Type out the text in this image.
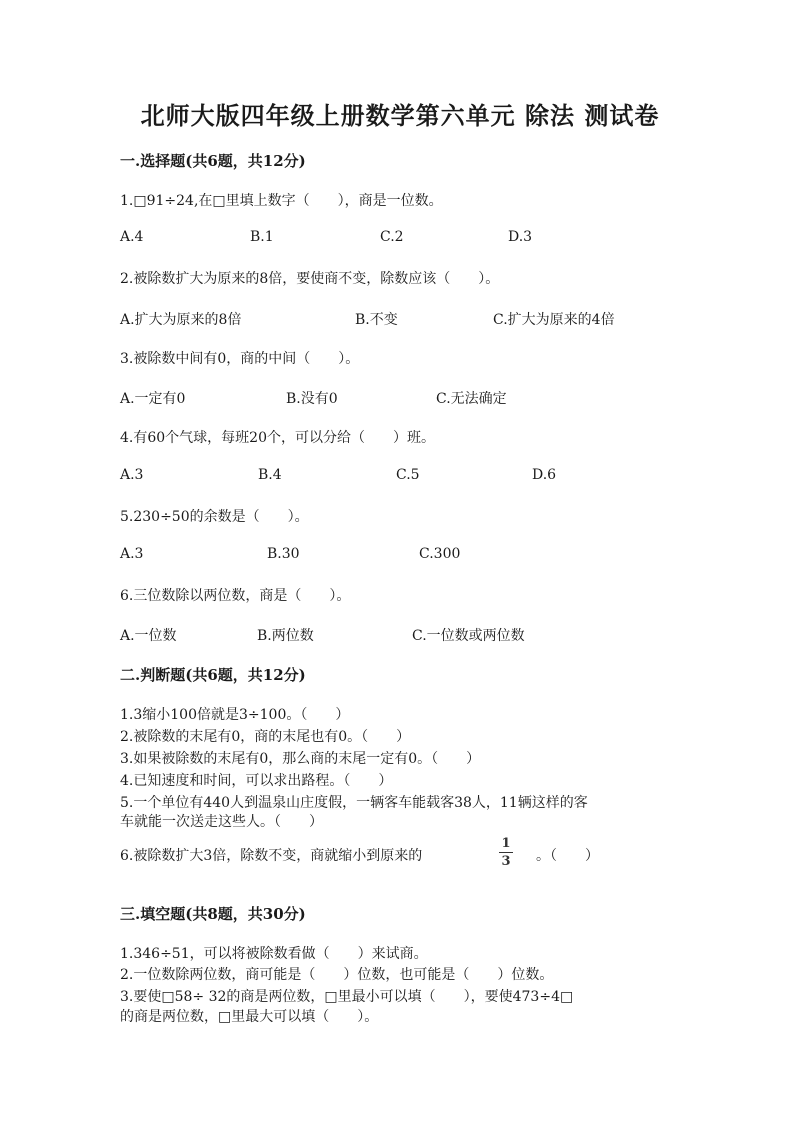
北师大版四年级上册数学第六单元 除法 测试卷
一.选择题(共6题，共12分)
1.□91÷24,在□里填上数字（　　），商是一位数。
A.4	B.1	C.2	D.3
2.被除数扩大为原来的8倍，要使商不变，除数应该（　　）。
A.扩大为原来的8倍	B.不变	C.扩大为原来的4倍
3.被除数中间有0，商的中间（　　）。
A.一定有0	B.没有0	C.无法确定
4.有60个气球，每班20个，可以分给（　　）班。
A.3	B.4	C.5	D.6
5.230÷50的余数是（　　）。
A.3	B.30	C.300
6.三位数除以两位数，商是（　　）。
A.一位数	B.两位数	C.一位数或两位数
二.判断题(共6题，共12分)
1.3缩小100倍就是3÷100。（　　）
2.被除数的末尾有0，商的末尾也有0。（　　）
3.如果被除数的末尾有0，那么商的末尾一定有0。（　　）
4.已知速度和时间，可以求出路程。（　　）
5.一个单位有440人到温泉山庄度假，一辆客车能载客38人，11辆这样的客
车就能一次送走这些人。（　　）
6.被除数扩大3倍，除数不变，商就缩小到原来的
1
3 。（　　）
三.填空题(共8题，共30分)
1.346÷51，可以将被除数看做（　　）来试商。
2.一位数除两位数，商可能是（　　）位数，也可能是（　　）位数。
3.要使□58÷ 32的商是两位数，□里最小可以填（　　），要使473÷4□
的商是两位数，□里最大可以填（　　）。
